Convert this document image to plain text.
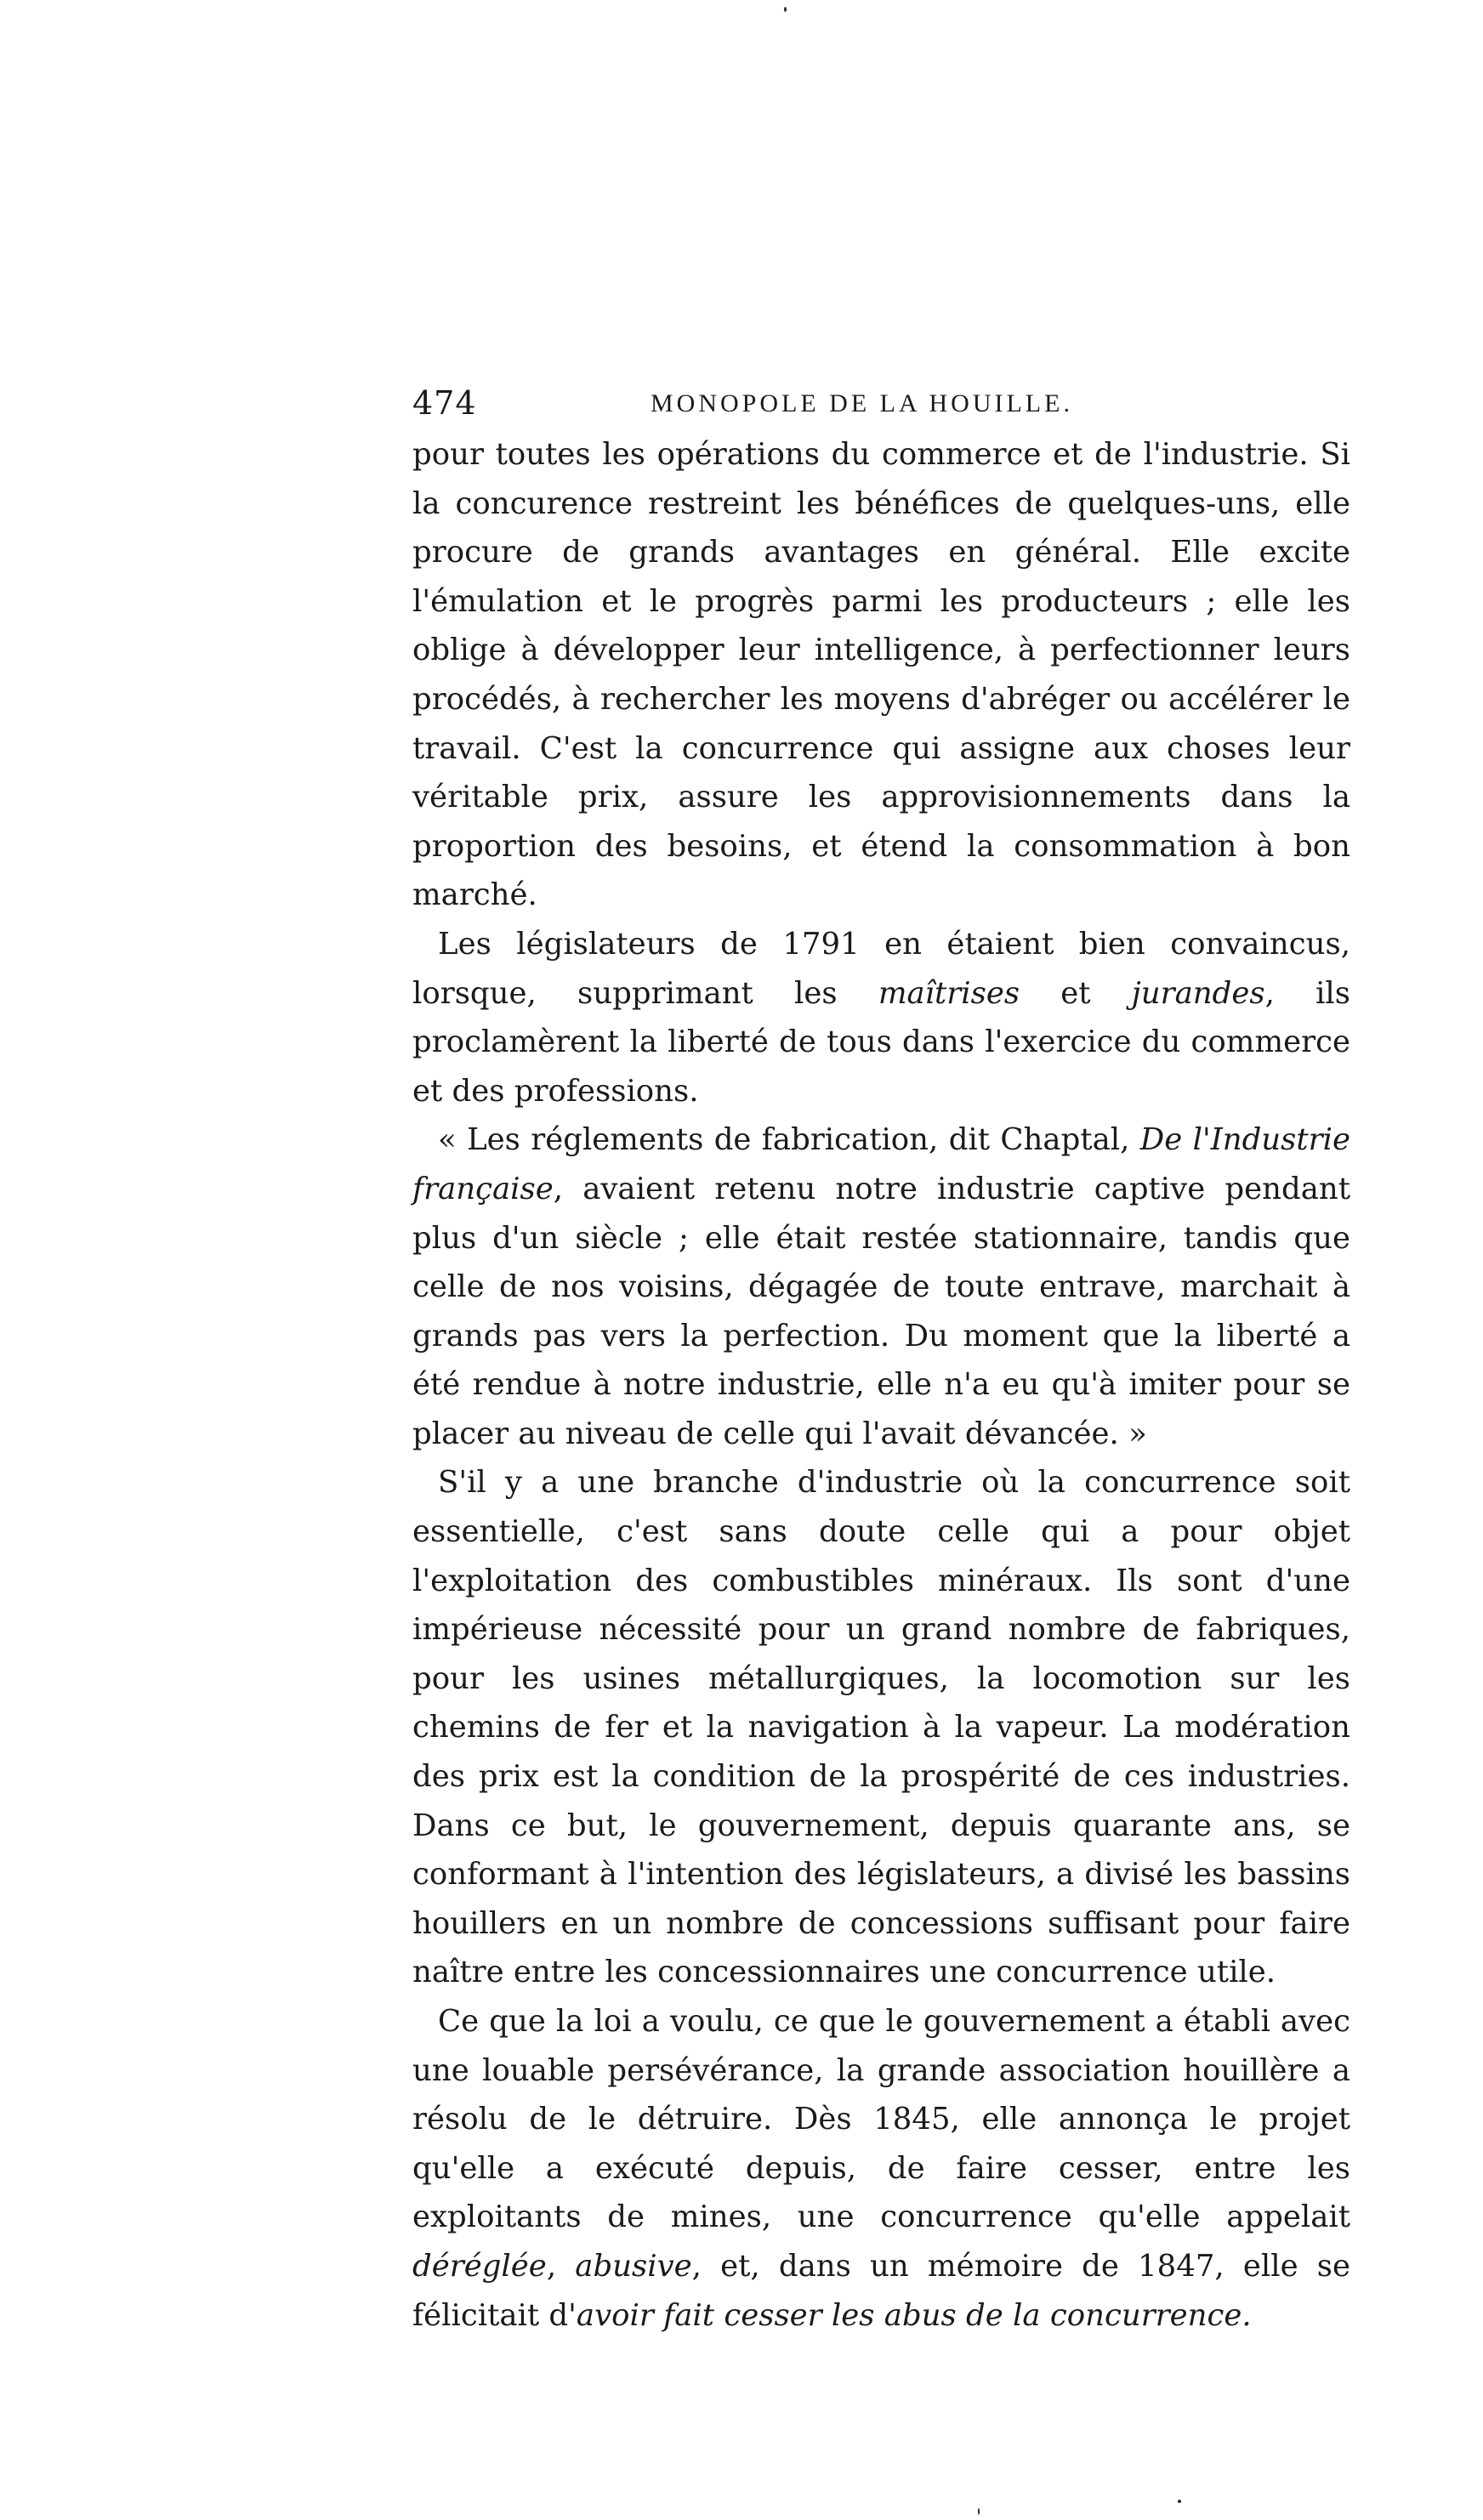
474	MONOPOLE DE LA HOUILLE.

pour toutes les opérations du commerce et de l'industrie. Si la concurence restreint les bénéfices de quelques-uns, elle procure de grands avantages en général. Elle excite l'émulation et le progrès parmi les producteurs ; elle les oblige à développer leur intelligence, à perfectionner leurs procédés, à rechercher les moyens d'abréger ou accélérer le travail. C'est la concurrence qui assigne aux choses leur véritable prix, assure les approvisionnements dans la proportion des besoins, et étend la consommation à bon marché.

Les législateurs de 1791 en étaient bien convaincus, lorsque, supprimant les maîtrises et jurandes, ils proclamèrent la liberté de tous dans l'exercice du commerce et des professions.

« Les réglements de fabrication, dit Chaptal, De l'Industrie française, avaient retenu notre industrie captive pendant plus d'un siècle ; elle était restée stationnaire, tandis que celle de nos voisins, dégagée de toute entrave, marchait à grands pas vers la perfection. Du moment que la liberté a été rendue à notre industrie, elle n'a eu qu'à imiter pour se placer au niveau de celle qui l'avait dévancée. »

S'il y a une branche d'industrie où la concurrence soit essentielle, c'est sans doute celle qui a pour objet l'exploitation des combustibles minéraux. Ils sont d'une impérieuse nécessité pour un grand nombre de fabriques, pour les usines métallurgiques, la locomotion sur les chemins de fer et la navigation à la vapeur. La modération des prix est la condition de la prospérité de ces industries. Dans ce but, le gouvernement, depuis quarante ans, se conformant à l'intention des législateurs, a divisé les bassins houillers en un nombre de concessions suffisant pour faire naître entre les concessionnaires une concurrence utile.

Ce que la loi a voulu, ce que le gouvernement a établi avec une louable persévérance, la grande association houillère a résolu de le détruire. Dès 1845, elle annonça le projet qu'elle a exécuté depuis, de faire cesser, entre les exploitants de mines, une concurrence qu'elle appelait déréglée, abusive, et, dans un mémoire de 1847, elle se félicitait d'avoir fait cesser les abus de la concurrence.
